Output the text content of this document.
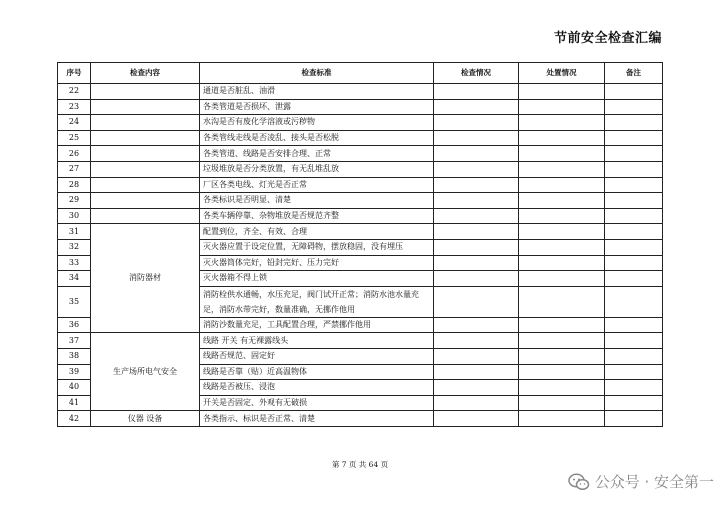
节前安全检查汇编
序号	检查内容	检查标准	检查情况	处置情况	备注
22		通道是否脏乱、油滑			
23		各类管道是否损坏、泄露			
24		水沟是否有废化学溶液或污秽物			
25		各类管线走线是否凌乱、接头是否松脱			
26		各类管道、线路是否安排合理、正常			
27		垃圾堆放是否分类放置，有无乱堆乱放			
28		厂区各类电线、灯光是否正常			
29		各类标识是否明显、清楚			
30		各类车辆停靠、杂物堆放是否规范齐整			
31	消防器材	配置到位，齐全、有效、合理			
32		灭火器应置于设定位置，无障碍物，摆放稳固，没有埋压			
33		灭火器筒体完好，铅封完好、压力完好			
34		灭火器箱不得上锁			
35		消防栓供水通畅，水压充足，阀门试开正常；消防水池水量充足，消防水带完好，数量准确，无挪作他用			
36		消防沙数量充足，工具配置合理，严禁挪作他用			
37	生产场所电气安全	线路 开关 有无裸露线头			
38		线路否规范、固定好			
39		线路是否靠（贴）近高温物体			
40		线路是否被压、浸泡			
41		开关是否固定、外观有无破损			
42	仪器 设备	各类指示、标识是否正常、清楚			
第 7 页 共 64 页
公众号 · 安全第一
